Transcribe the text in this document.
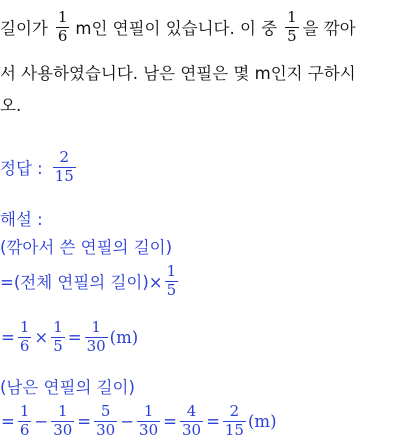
길이가 $\frac{1}{6}$ m인 연필이 있습니다. 이 중 $\frac{1}{5}$ 을 깎아
서 사용하였습니다. 남은 연필은 몇 m인지 구하시
오.
정답 : $\frac{2}{15}$
해설 :
(깎아서 쓴 연필의 길이)
=(전체 연필의 길이)× $\frac{1}{5}$
= $\frac{1}{6} \times \frac{1}{5} = \frac{1}{30} (m)$
(남은 연필의 길이)
= $\frac{1}{6} - \frac{1}{30} = \frac{5}{30} - \frac{1}{30} = \frac{4}{30} = \frac{2}{15} (m)$
